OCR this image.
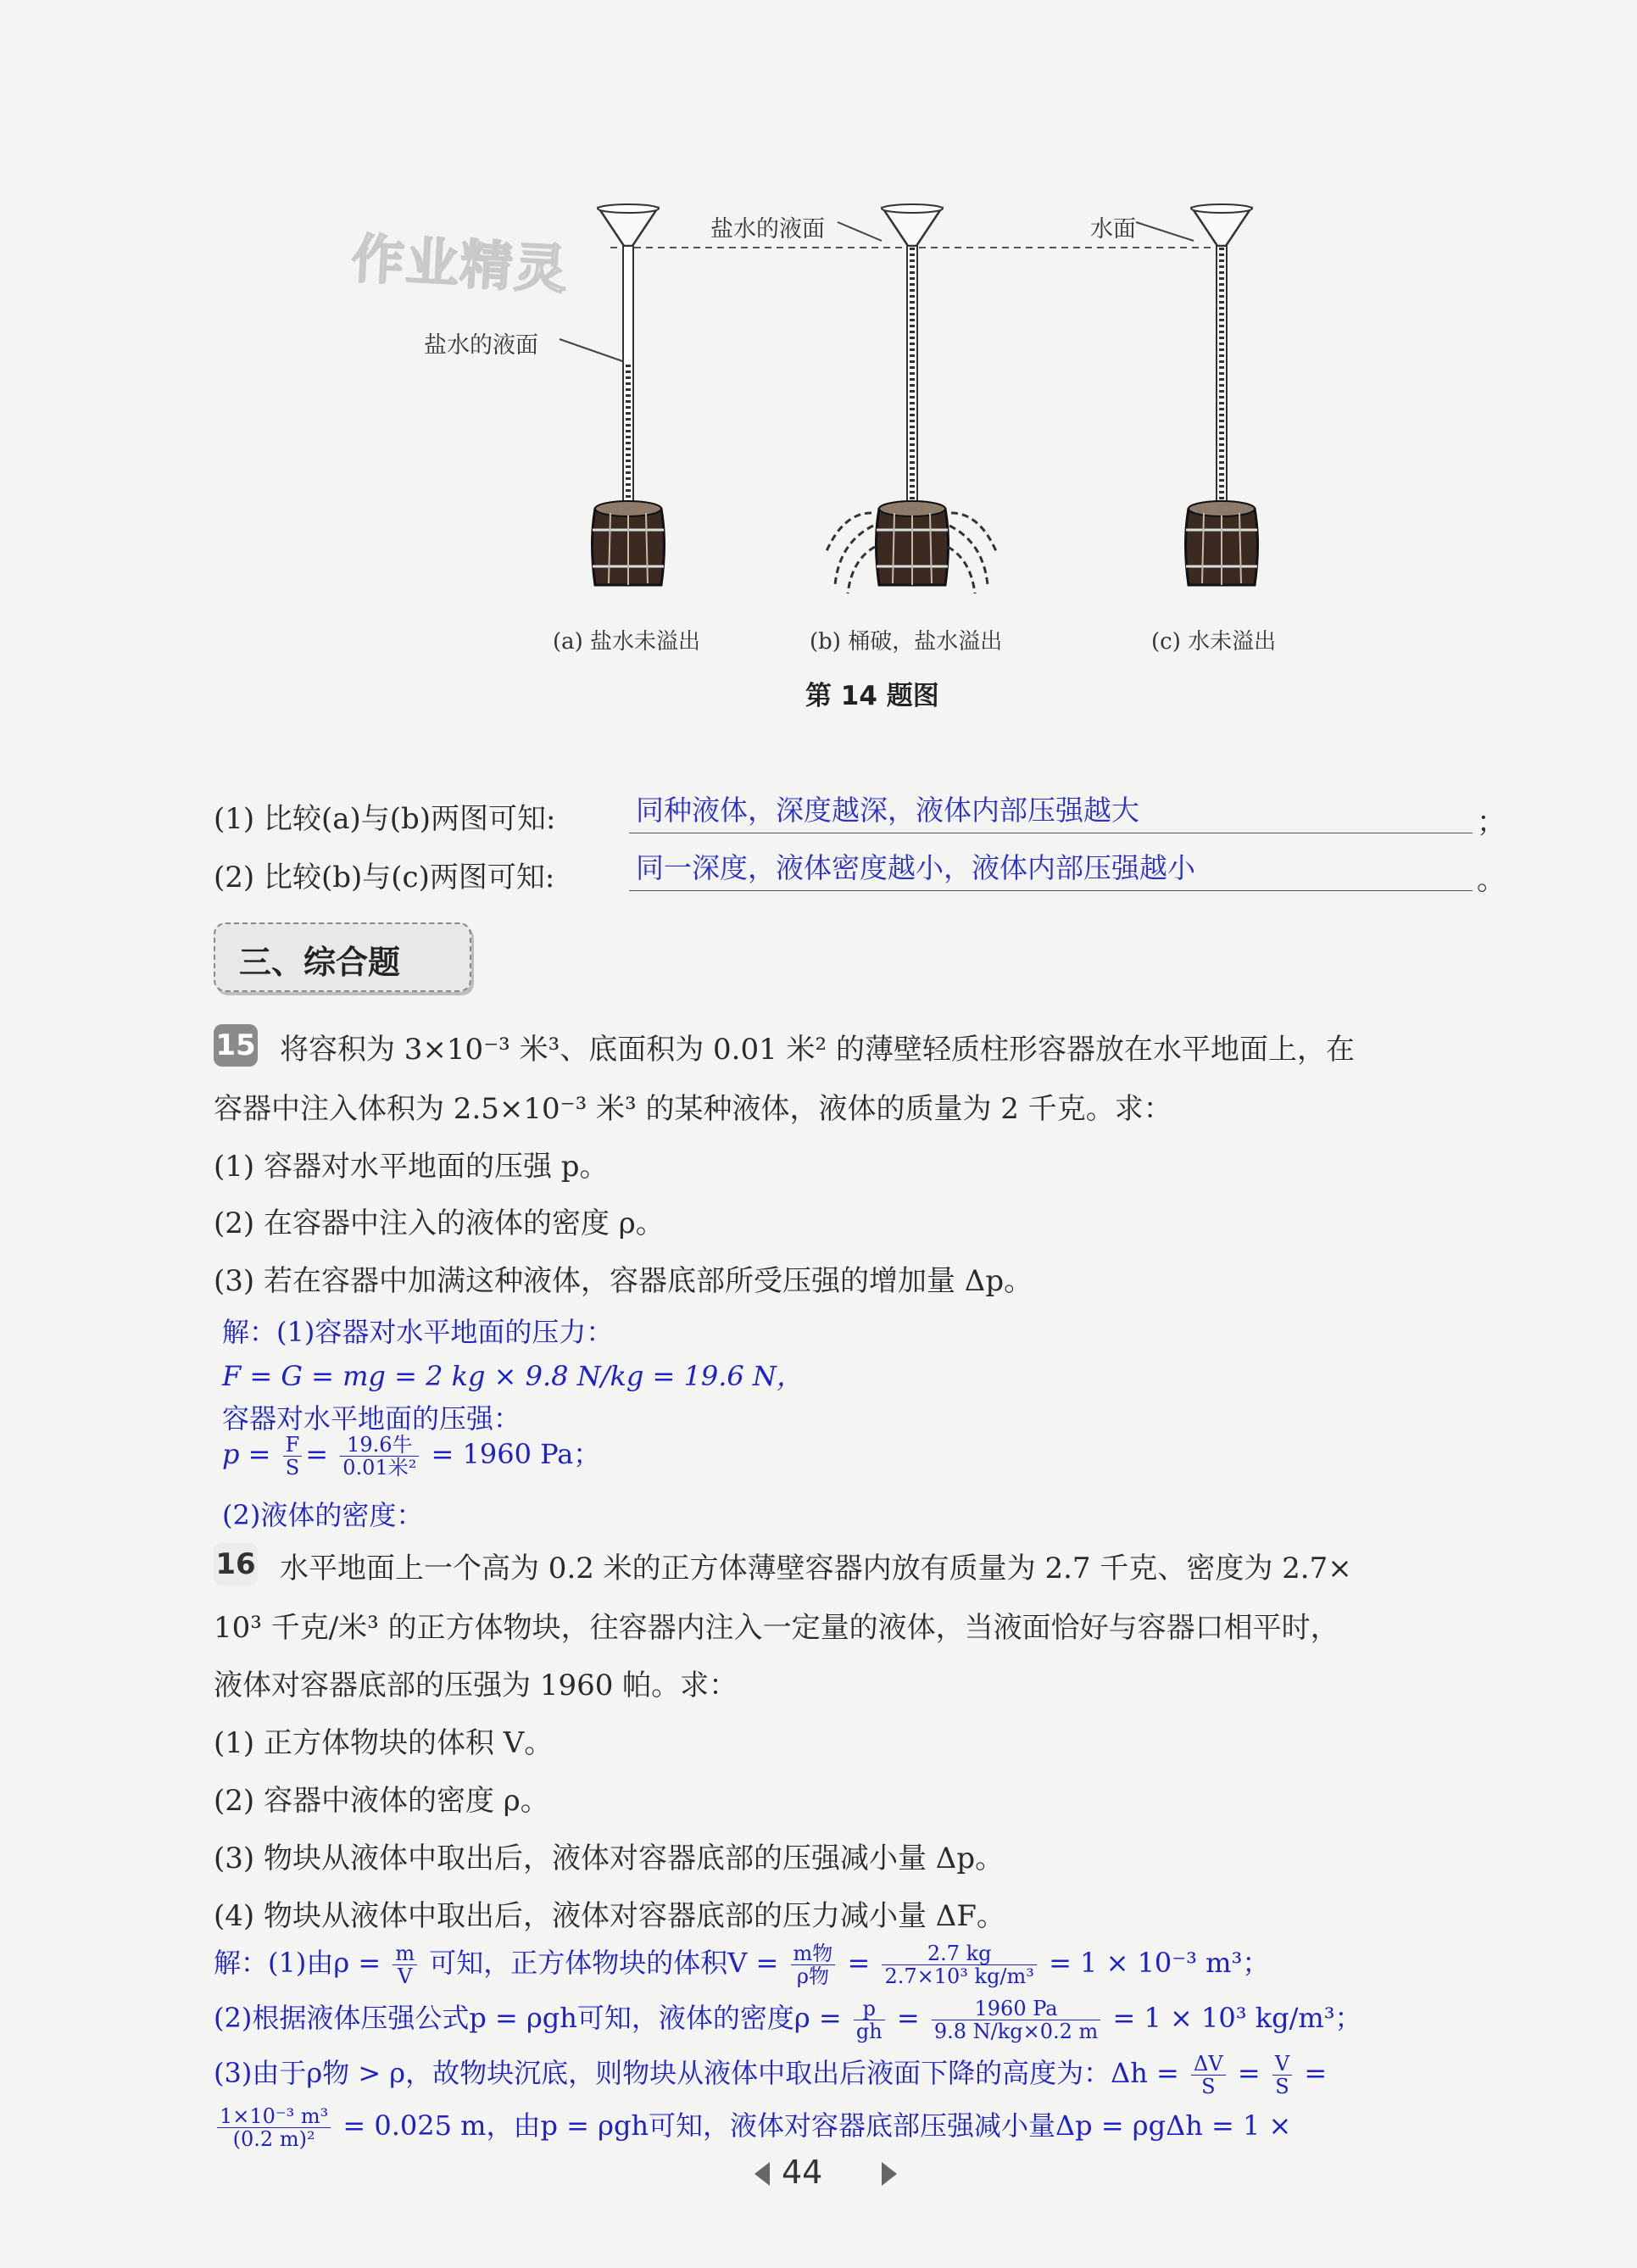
作业精灵
盐水的液面
盐水的液面	水面
(a) 盐水未溢出	(b) 桶破，盐水溢出	(c) 水未溢出
第 14 题图
(1) 比较(a)与(b)两图可知:	同种液体，深度越深，液体内部压强越大	；
(2) 比较(b)与(c)两图可知:	同一深度，液体密度越小，液体内部压强越小	。
三、综合题
15 将容积为 3×10⁻³ 米³、底面积为 0.01 米² 的薄壁轻质柱形容器放在水平地面上，在
容器中注入体积为 2.5×10⁻³ 米³ 的某种液体，液体的质量为 2 千克。求：
(1) 容器对水平地面的压强 p。
(2) 在容器中注入的液体的密度 ρ。
(3) 若在容器中加满这种液体，容器底部所受压强的增加量 Δp。
解：(1)容器对水平地面的压力：
F = G = mg = 2 kg × 9.8 N/kg = 19.6 N，
容器对水平地面的压强：
$p = \frac{F}{S} = \frac{\text{19.6牛}}{\text{0.01米²}} = 1960$ Pa；
(2)液体的密度：
16 水平地面上一个高为 0.2 米的正方体薄壁容器内放有质量为 2.7 千克、密度为 2.7×
10³ 千克/米³ 的正方体物块，往容器内注入一定量的液体，当液面恰好与容器口相平时，
液体对容器底部的压强为 1960 帕。求：
(1) 正方体物块的体积 V。
(2) 容器中液体的密度 ρ。
(3) 物块从液体中取出后，液体对容器底部的压强减小量 Δp。
(4) 物块从液体中取出后，液体对容器底部的压力减小量 ΔF。
解：(1)由$\rho = \frac{m}{V}$ 可知，正方体物块的体积$V = \frac{\text{m物}}{\text{ρ物}} = \frac{2.7 kg}{\text{2.7×10³ kg/m³}} = 1 \times 10^{-3}$ m³；
(2)根据液体压强公式p = ρgh可知，液体的密度$\rho = \frac{p}{gh} = \frac{1960 Pa}{9.8 N/kg\times 0.2 m} = 1 \times 10^3$ kg/m³；
(3)由于ρ物 > ρ，故物块沉底，则物块从液体中取出后液面下降的高度为：$\Delta h = \frac{\Delta V}{S} = \frac{V}{S}$ =
$\frac{\text{1×10⁻³ m³}}{\text{(0.2 m)²}} = 0.025$ m，由p = ρgh可知，液体对容器底部压强减小量Δp = ρgΔh = 1 ×
44
